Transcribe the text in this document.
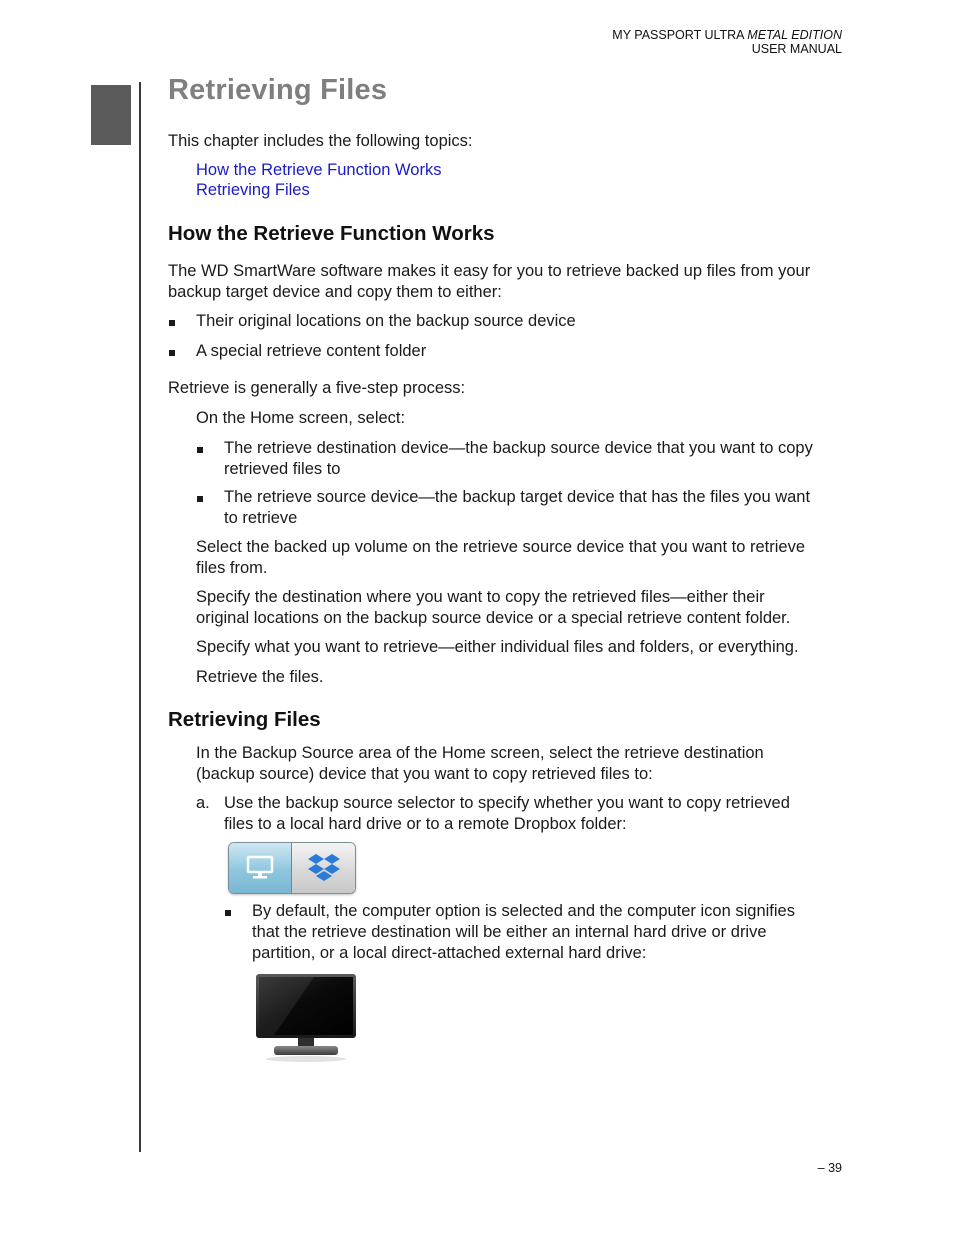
MY PASSPORT ULTRA METAL EDITION
USER MANUAL
Retrieving Files
This chapter includes the following topics:
How the Retrieve Function Works
Retrieving Files
How the Retrieve Function Works
The WD SmartWare software makes it easy for you to retrieve backed up files from your
backup target device and copy them to either:
Their original locations on the backup source device
A special retrieve content folder
Retrieve is generally a five-step process:
On the Home screen, select:
The retrieve destination device—the backup source device that you want to copy
retrieved files to
The retrieve source device—the backup target device that has the files you want
to retrieve
Select the backed up volume on the retrieve source device that you want to retrieve
files from.
Specify the destination where you want to copy the retrieved files—either their
original locations on the backup source device or a special retrieve content folder.
Specify what you want to retrieve—either individual files and folders, or everything.
Retrieve the files.
Retrieving Files
In the Backup Source area of the Home screen, select the retrieve destination
(backup source) device that you want to copy retrieved files to:
a. Use the backup source selector to specify whether you want to copy retrieved
files to a local hard drive or to a remote Dropbox folder:
By default, the computer option is selected and the computer icon signifies
that the retrieve destination will be either an internal hard drive or drive
partition, or a local direct-attached external hard drive:
– 39
